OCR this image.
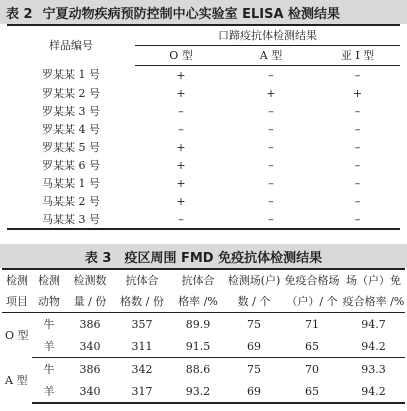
表 2 宁夏动物疾病预防控制中心实验室 ELISA 检测结果
样品编号	口蹄疫抗体检测结果		
	O 型	A 型	亚 I 型
罗某某 1 号	+	–	–
罗某某 2 号	+	+	+
罗某某 3 号	–	–	–
罗某某 4 号	–	–	–
罗某某 5 号	+	–	–
罗某某 6 号	+	–	–
马某某 1 号	+	–	–
马某某 2 号	+	–	–
马某某 3 号	–	–	–
表 3　疫区周围 FMD 免疫抗体检测结果
检测	检测	检测数	抗体合	抗体合	检测场(户)	免疫合格场	场（户）免
项目	动物	量 / 份	格数 / 份	格率 /%	数 / 个	（户）/ 个	疫合格率 /%
O 型	牛	386	357	89.9	75	71	94.7
	羊	340	311	91.5	69	65	94.2
A 型	牛	386	342	88.6	75	70	93.3
	羊	340	317	93.2	69	65	94.2
